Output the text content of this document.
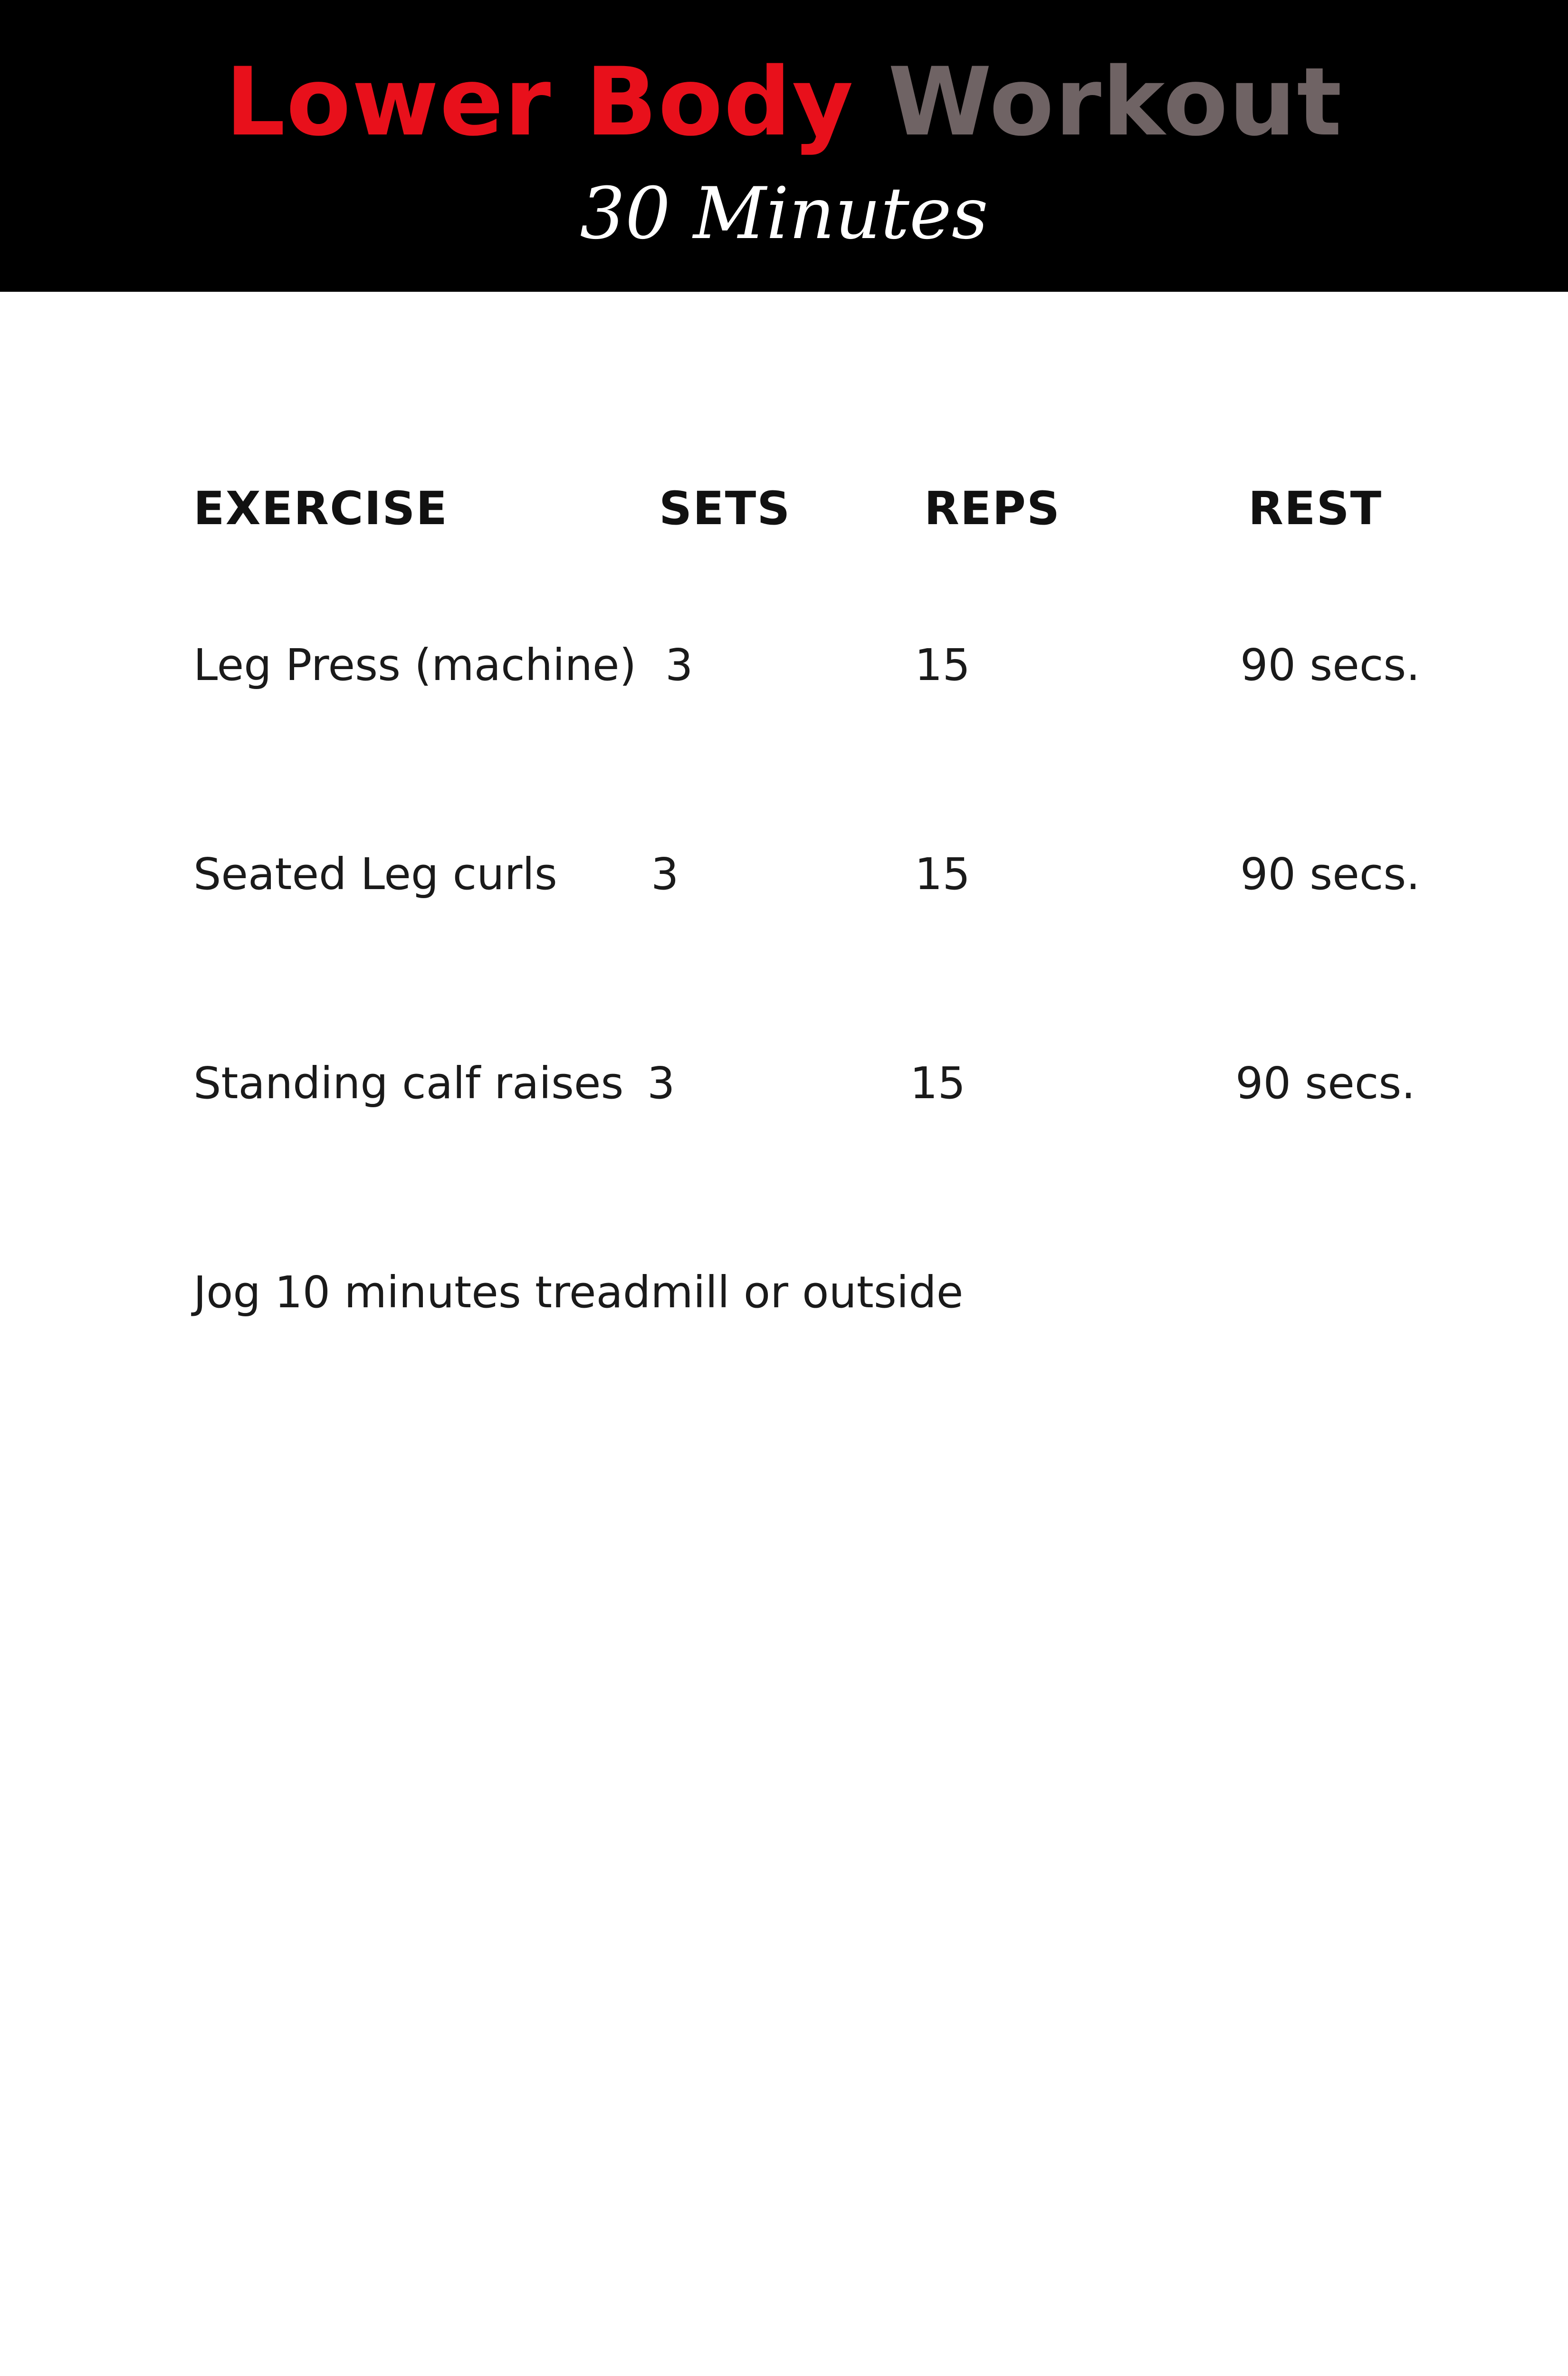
Lower Body Workout
30 Minutes
EXERCISE	SETS	REPS	REST
Leg Press (machine) 3	15	90 secs.
Seated Leg curls 3	15	90 secs.
Standing calf raises 3	15	90 secs.
Jog 10 minutes treadmill or outside
